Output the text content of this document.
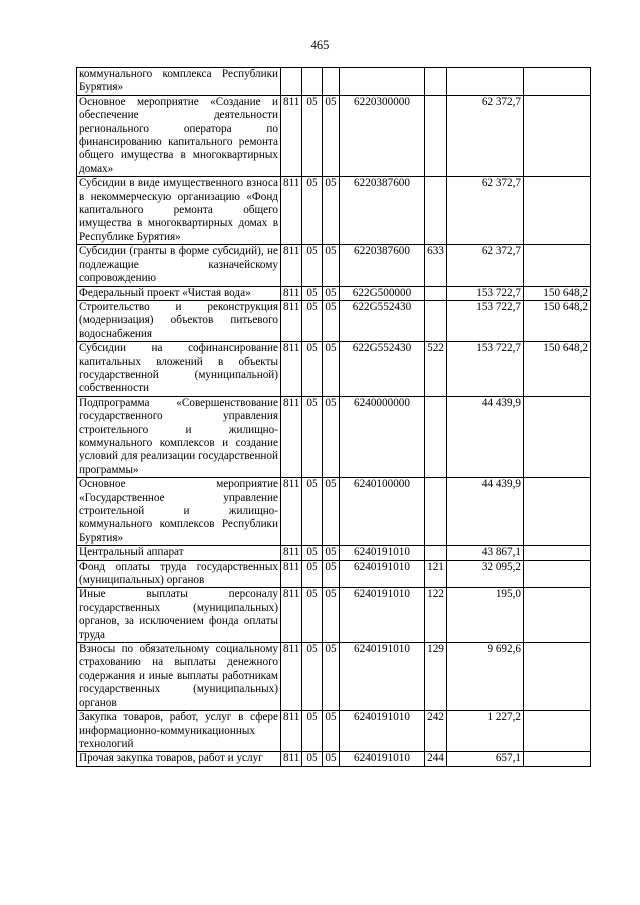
465
коммунального комплекса Республики Бурятия»							
Основное мероприятие «Создание и обеспечение деятельности регионального оператора по финансированию капитального ремонта общего имущества в многоквартирных домах»	811	05	05	6220300000		62 372,7	
Субсидии в виде имущественного взноса в некоммерческую организацию «Фонд капитального ремонта общего имущества в многоквартирных домах в Республике Бурятия»	811	05	05	6220387600		62 372,7	
Субсидии (гранты в форме субсидий), не подлежащие казначейскому сопровождению	811	05	05	6220387600	633	62 372,7	
Федеральный проект «Чистая вода»	811	05	05	622G500000		153 722,7	150 648,2
Строительство и реконструкция (модернизация) объектов питьевого водоснабжения	811	05	05	622G552430		153 722,7	150 648,2
Субсидии на софинансирование капитальных вложений в объекты государственной (муниципальной) собственности	811	05	05	622G552430	522	153 722,7	150 648,2
Подпрограмма «Совершенствование государственного управления строительного и жилищно-коммунального комплексов и создание условий для реализации государственной программы»	811	05	05	6240000000		44 439,9	
Основное мероприятие «Государственное управление строительной и жилищно-коммунального комплексов Республики Бурятия»	811	05	05	6240100000		44 439,9	
Центральный аппарат	811	05	05	6240191010		43 867,1	
Фонд оплаты труда государственных (муниципальных) органов	811	05	05	6240191010	121	32 095,2	
Иные выплаты персоналу государственных (муниципальных) органов, за исключением фонда оплаты труда	811	05	05	6240191010	122	195,0	
Взносы по обязательному социальному страхованию на выплаты денежного содержания и иные выплаты работникам государственных (муниципальных) органов	811	05	05	6240191010	129	9 692,6	
Закупка товаров, работ, услуг в сфере информационно-коммуникационных технологий	811	05	05	6240191010	242	1 227,2	
Прочая закупка товаров, работ и услуг	811	05	05	6240191010	244	657,1	
